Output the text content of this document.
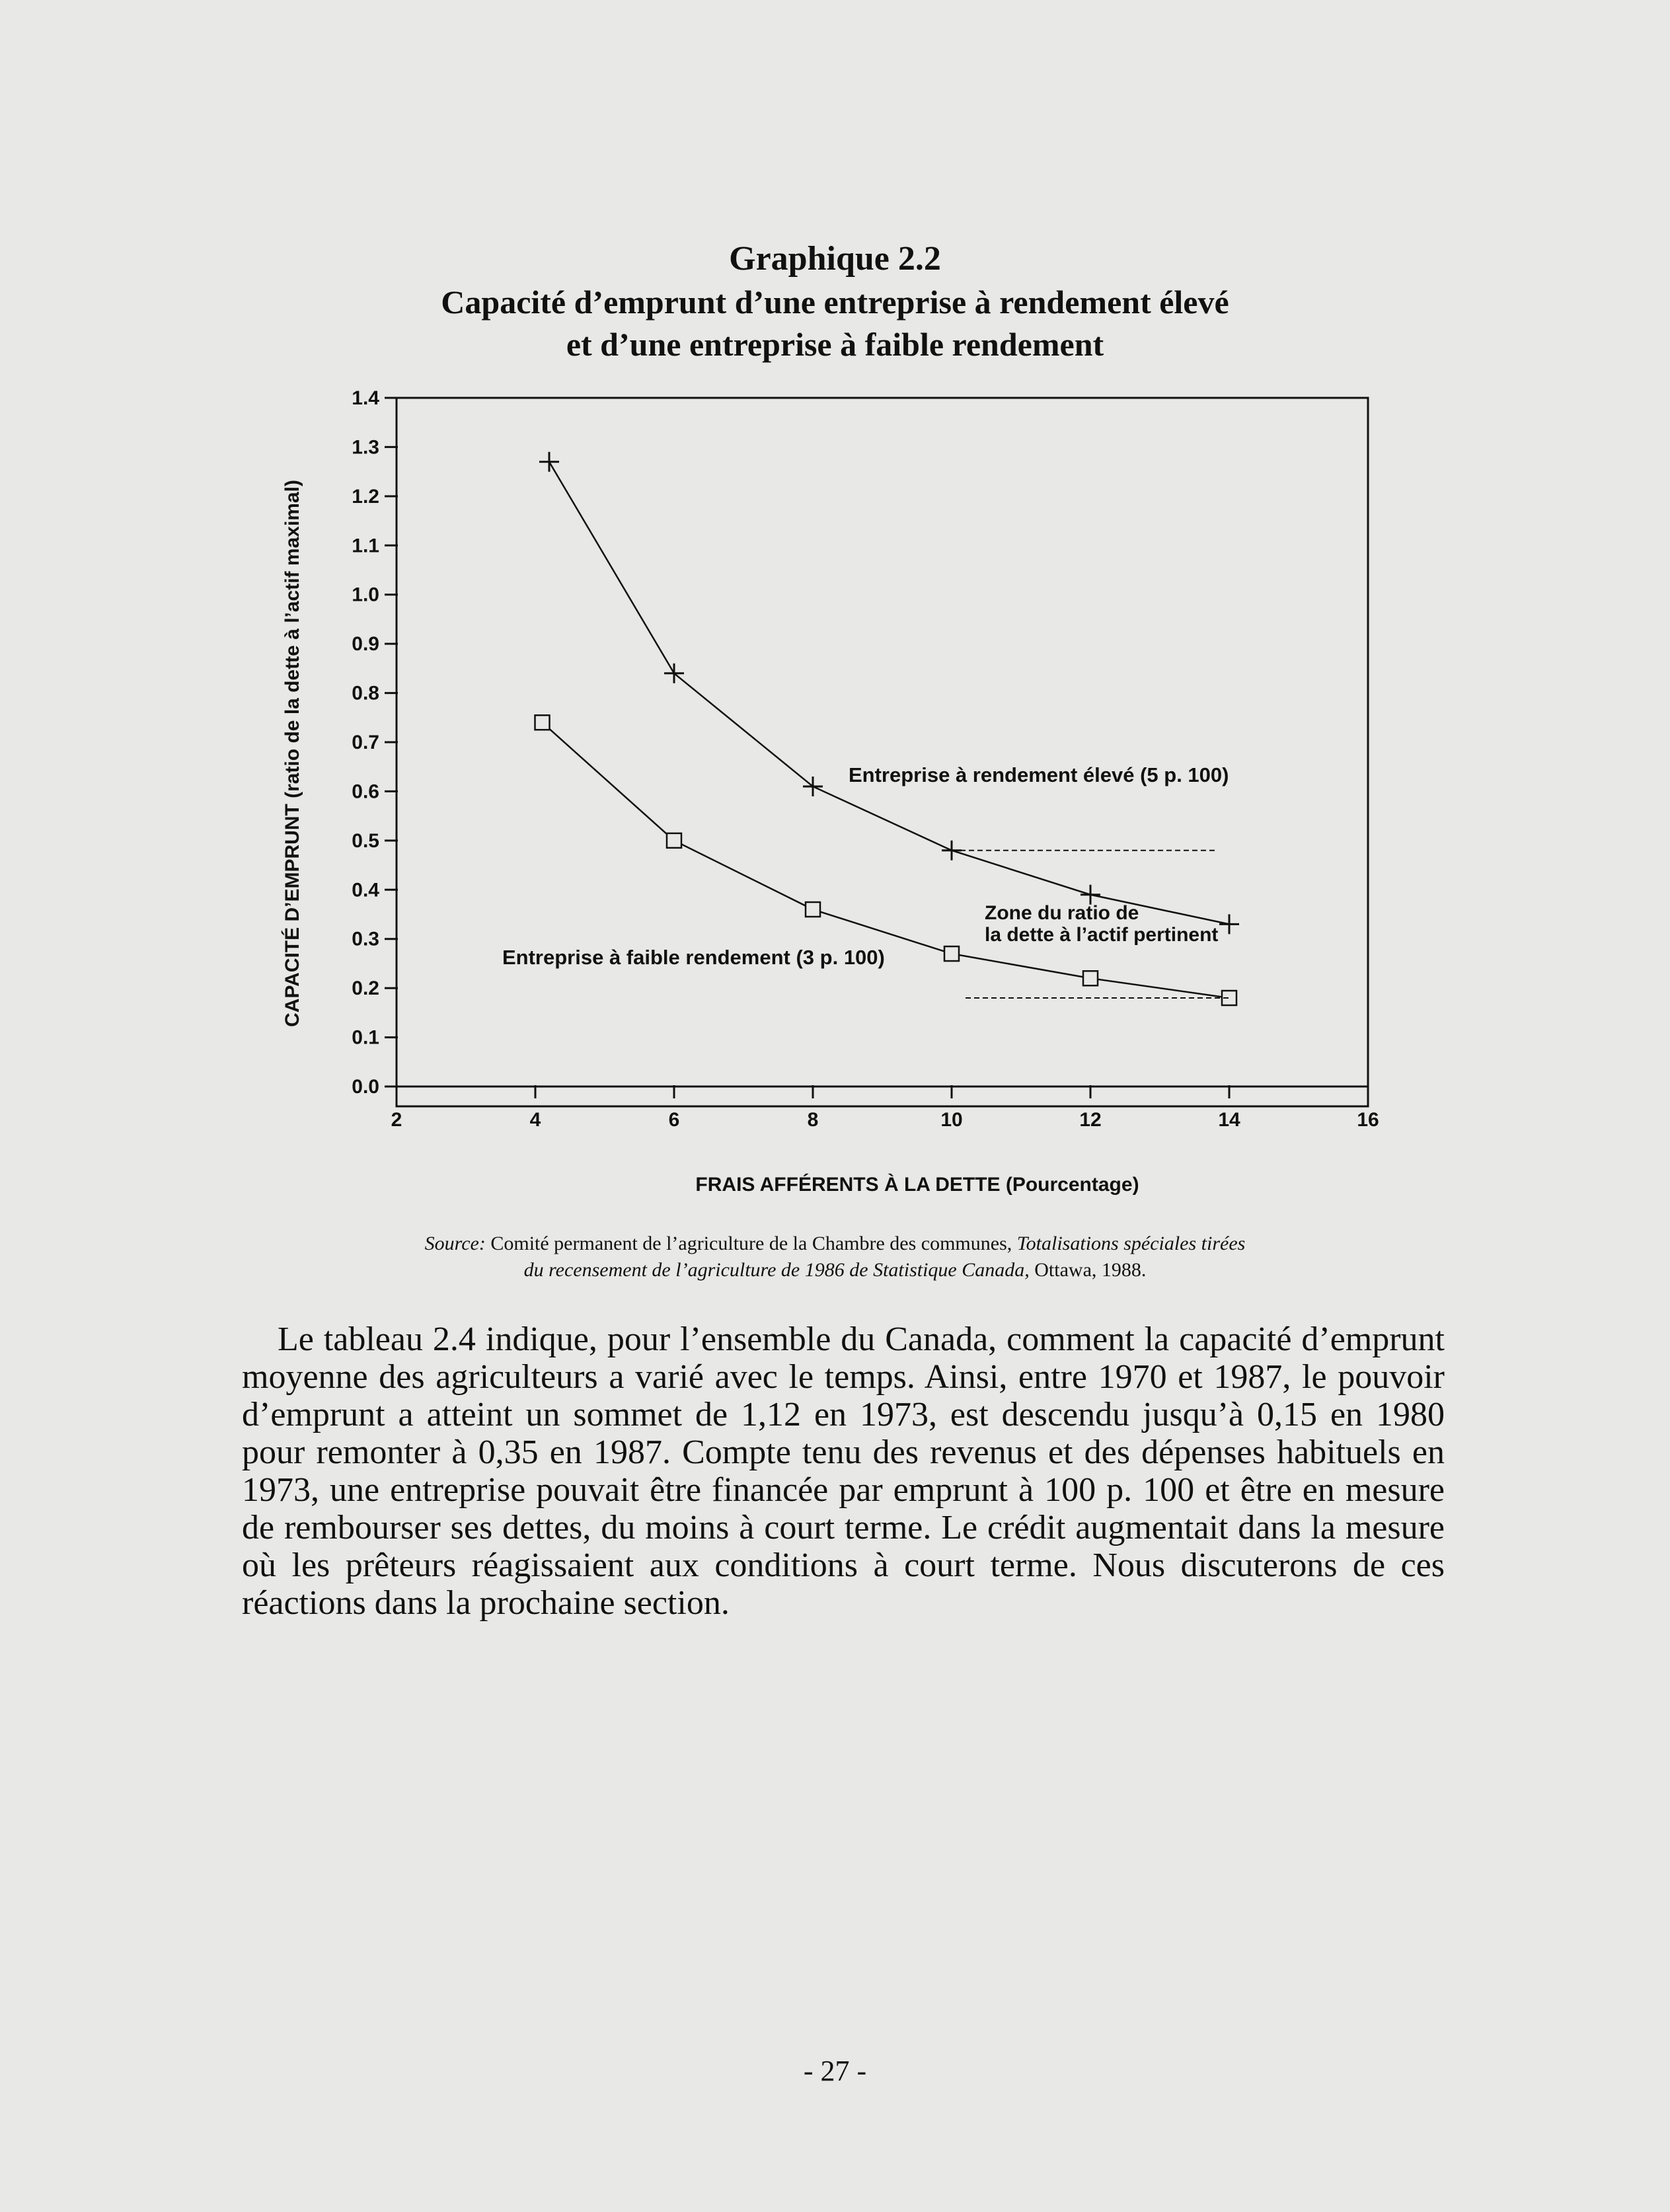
Graphique 2.2
Capacité d’emprunt d’une entreprise à rendement élevé
et d’une entreprise à faible rendement
0.0
0.1
0.2
0.3
0.4
0.5
0.6
0.7
0.8
0.9
1.0
1.1
1.2
1.3
1.4
2	4	6	8	10	12	14	16
CAPACITÉ D’EMPRUNT (ratio de la dette à l’actif maximal)
FRAIS AFFÉRENTS À LA DETTE (Pourcentage)
Entreprise à rendement élevé (5 p. 100)
Entreprise à faible rendement (3 p. 100)
Zone du ratio de
la dette à l’actif pertinent
Source: Comité permanent de l’agriculture de la Chambre des communes, Totalisations spéciales tirées
du recensement de l’agriculture de 1986 de Statistique Canada, Ottawa, 1988.
Le tableau 2.4 indique, pour l’ensemble du Canada, comment la capacité d’emprunt moyenne des agriculteurs a varié avec le temps. Ainsi, entre 1970 et 1987, le pouvoir d’emprunt a atteint un sommet de 1,12 en 1973, est descendu jusqu’à 0,15 en 1980 pour remonter à 0,35 en 1987. Compte tenu des revenus et des dépenses habituels en 1973, une entreprise pouvait être financée par emprunt à 100 p. 100 et être en mesure de rembourser ses dettes, du moins à court terme. Le crédit augmentait dans la mesure où les prêteurs réagissaient aux conditions à court terme. Nous discuterons de ces réactions dans la prochaine section.
- 27 -
